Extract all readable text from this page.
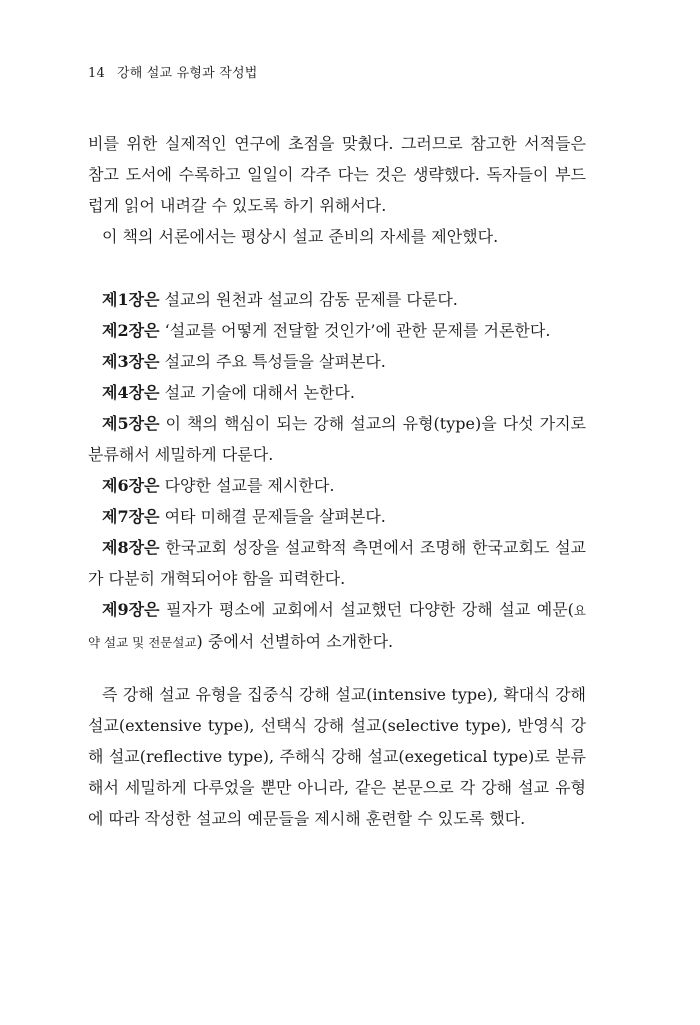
14 강해 설교 유형과 작성법

비를 위한 실제적인 연구에 초점을 맞췄다. 그러므로 참고한 서적들은 참고 도서에 수록하고 일일이 각주 다는 것은 생략했다. 독자들이 부드럽게 읽어 내려갈 수 있도록 하기 위해서다.

이 책의 서론에서는 평상시 설교 준비의 자세를 제안했다.

제1장은 설교의 원천과 설교의 감동 문제를 다룬다.

제2장은 ‘설교를 어떻게 전달할 것인가’에 관한 문제를 거론한다.

제3장은 설교의 주요 특성들을 살펴본다.

제4장은 설교 기술에 대해서 논한다.

제5장은 이 책의 핵심이 되는 강해 설교의 유형(type)을 다섯 가지로 분류해서 세밀하게 다룬다.

제6장은 다양한 설교를 제시한다.

제7장은 여타 미해결 문제들을 살펴본다.

제8장은 한국교회 성장을 설교학적 측면에서 조명해 한국교회도 설교가 다분히 개혁되어야 함을 피력한다.

제9장은 필자가 평소에 교회에서 설교했던 다양한 강해 설교 예문(요약 설교 및 전문설교) 중에서 선별하여 소개한다.

즉 강해 설교 유형을 집중식 강해 설교(intensive type), 확대식 강해 설교(extensive type), 선택식 강해 설교(selective type), 반영식 강해 설교(reflective type), 주해식 강해 설교(exegetical type)로 분류해서 세밀하게 다루었을 뿐만 아니라, 같은 본문으로 각 강해 설교 유형에 따라 작성한 설교의 예문들을 제시해 훈련할 수 있도록 했다.
